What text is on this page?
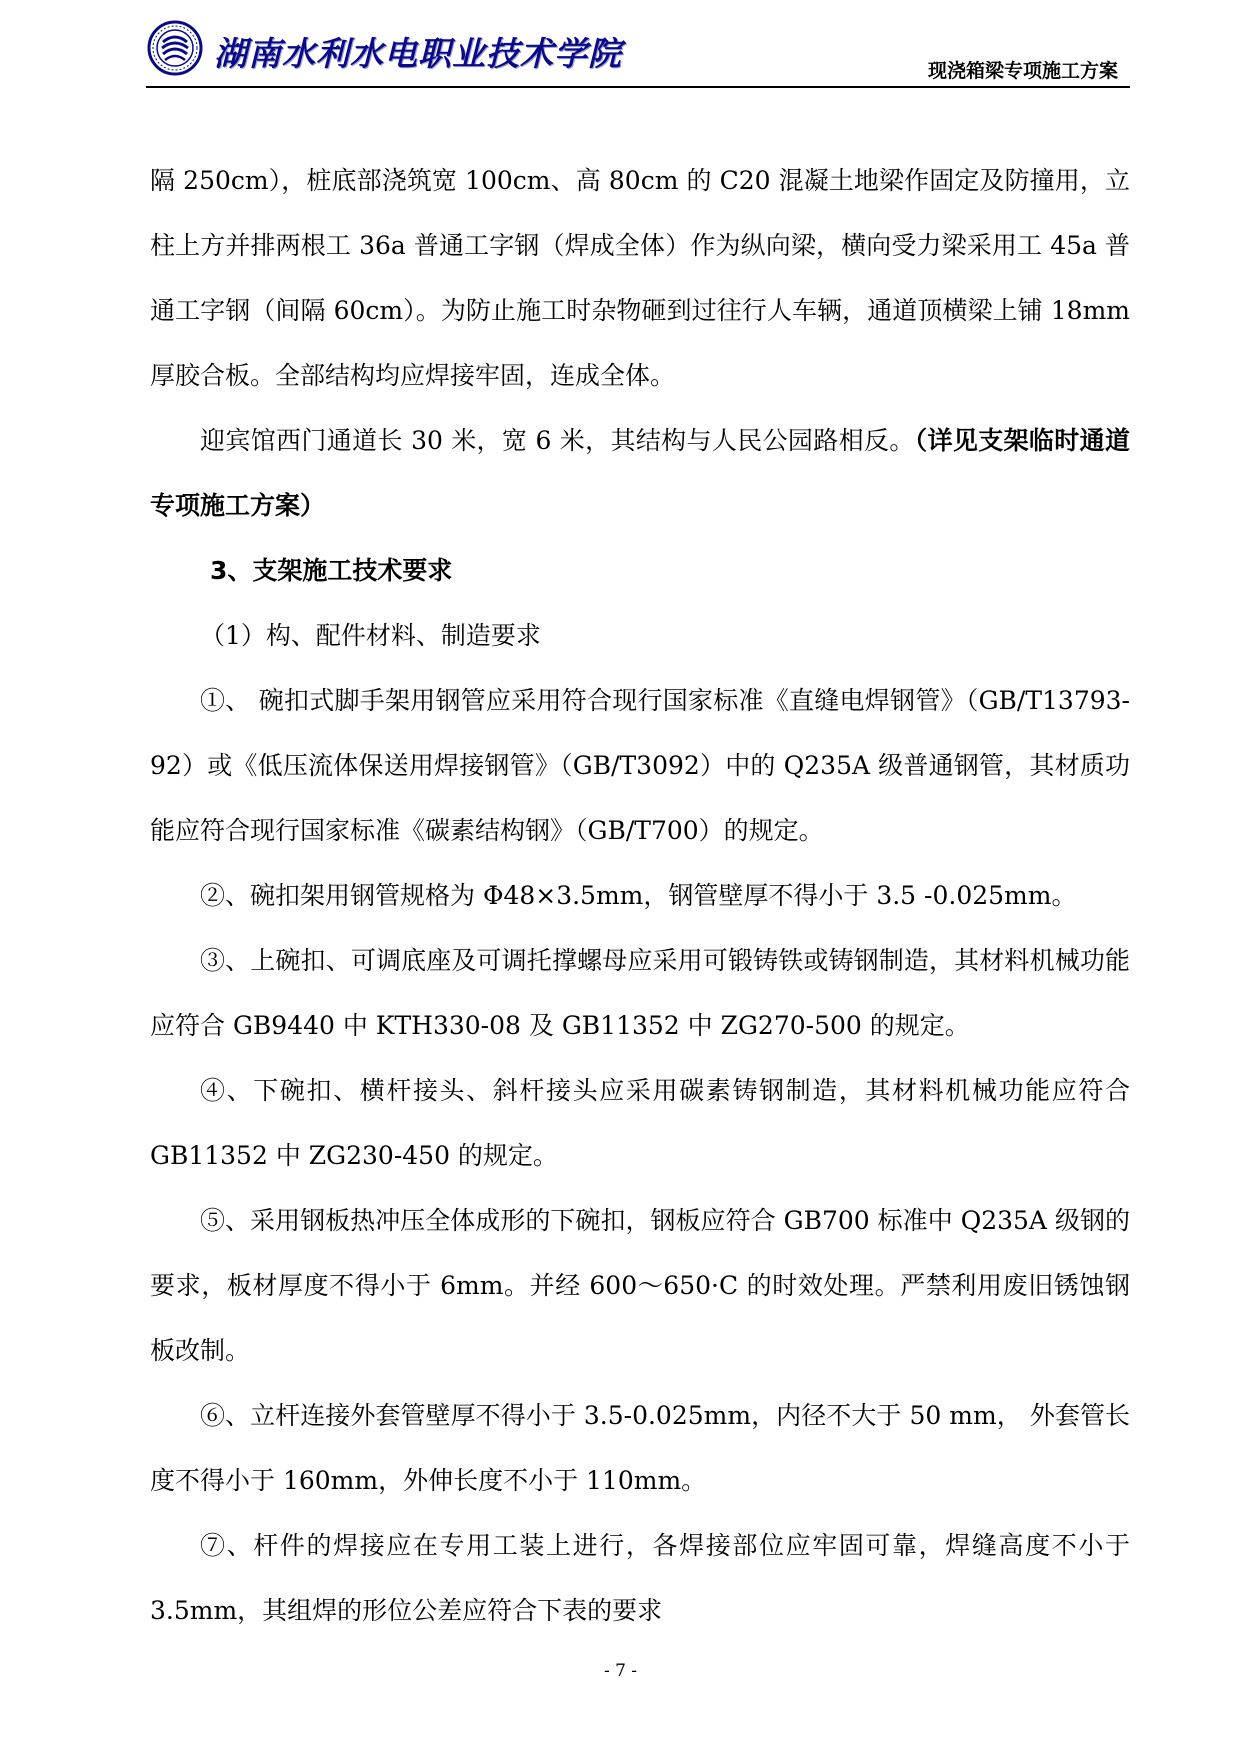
湖南水利水电职业技术学院	现浇箱梁专项施工方案

隔 250cm），桩底部浇筑宽 100cm、高 80cm 的 C20 混凝土地梁作固定及防撞用，立柱上方并排两根工 36a 普通工字钢（焊成全体）作为纵向梁，横向受力梁采用工 45a 普通工字钢（间隔 60cm）。为防止施工时杂物砸到过往行人车辆，通道顶横梁上铺 18mm 厚胶合板。全部结构均应焊接牢固，连成全体。

迎宾馆西门通道长 30 米，宽 6 米，其结构与人民公园路相反。（详见支架临时通道专项施工方案）

3、支架施工技术要求

（1）构、配件材料、制造要求

①、 碗扣式脚手架用钢管应采用符合现行国家标准《直缝电焊钢管》（GB/T13793-92）或《低压流体保送用焊接钢管》（GB/T3092）中的 Q235A 级普通钢管，其材质功能应符合现行国家标准《碳素结构钢》（GB/T700）的规定。

②、碗扣架用钢管规格为 Φ48×3.5mm，钢管壁厚不得小于 3.5 -0.025mm。

③、上碗扣、可调底座及可调托撑螺母应采用可锻铸铁或铸钢制造，其材料机械功能应符合 GB9440 中 KTH330-08 及 GB11352 中 ZG270-500 的规定。

④、下碗扣、横杆接头、斜杆接头应采用碳素铸钢制造，其材料机械功能应符合 GB11352 中 ZG230-450 的规定。

⑤、采用钢板热冲压全体成形的下碗扣，钢板应符合 GB700 标准中 Q235A 级钢的要求，板材厚度不得小于 6mm。并经 600～650·C 的时效处理。严禁利用废旧锈蚀钢板改制。

⑥、立杆连接外套管壁厚不得小于 3.5-0.025mm，内径不大于 50 mm， 外套管长度不得小于 160mm，外伸长度不小于 110mm。

⑦、杆件的焊接应在专用工装上进行，各焊接部位应牢固可靠，焊缝高度不小于 3.5mm，其组焊的形位公差应符合下表的要求

- 7 -
